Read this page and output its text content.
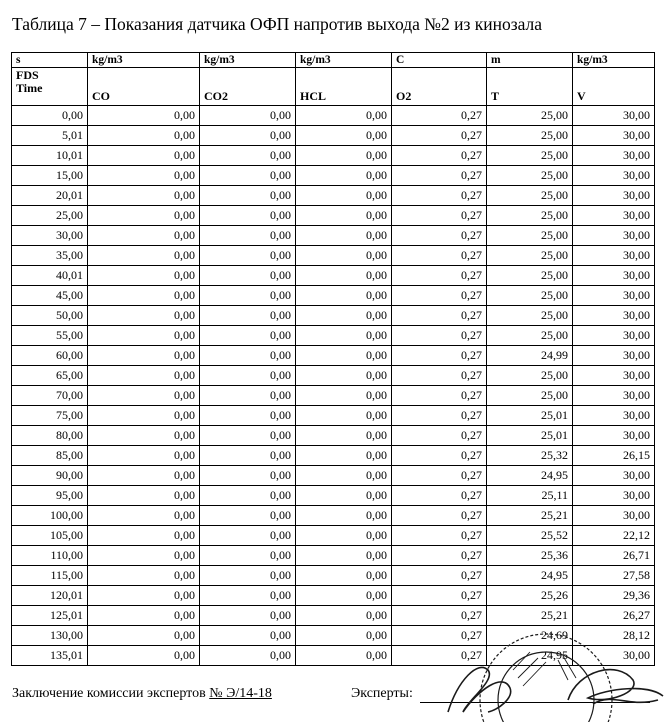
Таблица 7 – Показания датчика ОФП напротив выхода №2 из кинозала
s	kg/m3	kg/m3	kg/m3	C	m	kg/m3
FDS
Time	CO	CO2	HCL	O2	T	V
0,00	0,00	0,00	0,00	0,27	25,00	30,00
5,01	0,00	0,00	0,00	0,27	25,00	30,00
10,01	0,00	0,00	0,00	0,27	25,00	30,00
15,00	0,00	0,00	0,00	0,27	25,00	30,00
20,01	0,00	0,00	0,00	0,27	25,00	30,00
25,00	0,00	0,00	0,00	0,27	25,00	30,00
30,00	0,00	0,00	0,00	0,27	25,00	30,00
35,00	0,00	0,00	0,00	0,27	25,00	30,00
40,01	0,00	0,00	0,00	0,27	25,00	30,00
45,00	0,00	0,00	0,00	0,27	25,00	30,00
50,00	0,00	0,00	0,00	0,27	25,00	30,00
55,00	0,00	0,00	0,00	0,27	25,00	30,00
60,00	0,00	0,00	0,00	0,27	24,99	30,00
65,00	0,00	0,00	0,00	0,27	25,00	30,00
70,00	0,00	0,00	0,00	0,27	25,00	30,00
75,00	0,00	0,00	0,00	0,27	25,01	30,00
80,00	0,00	0,00	0,00	0,27	25,01	30,00
85,00	0,00	0,00	0,00	0,27	25,32	26,15
90,00	0,00	0,00	0,00	0,27	24,95	30,00
95,00	0,00	0,00	0,00	0,27	25,11	30,00
100,00	0,00	0,00	0,00	0,27	25,21	30,00
105,00	0,00	0,00	0,00	0,27	25,52	22,12
110,00	0,00	0,00	0,00	0,27	25,36	26,71
115,00	0,00	0,00	0,00	0,27	24,95	27,58
120,01	0,00	0,00	0,00	0,27	25,26	29,36
125,01	0,00	0,00	0,00	0,27	25,21	26,27
130,00	0,00	0,00	0,00	0,27	24,69	28,12
135,01	0,00	0,00	0,00	0,27	24,95	30,00
Заключение комиссии экспертов № Э/14-18	Эксперты:
